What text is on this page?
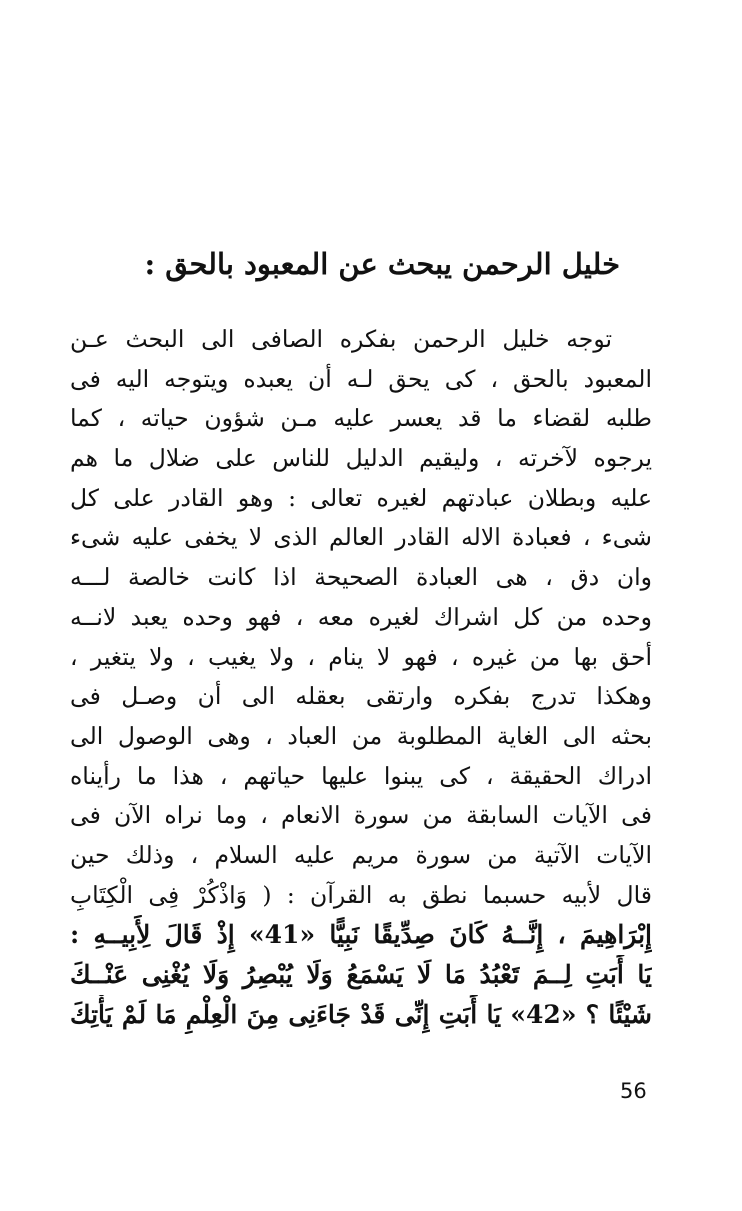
خليل الرحمن يبحث عن المعبود بالحق :
توجه خليل الرحمن بفكره الصافى الى البحث عـن
المعبود بالحق ، كى يحق لـه أن يعبده ويتوجه اليه فى
طلبه لقضاء ما قد يعسر عليه مـن شؤون حياته ، كما
يرجوه لآخرته ، وليقيم الدليل للناس على ضلال ما هم
عليه وبطلان عبادتهم لغيره تعالى : وهو القادر على كل
شىء ، فعبادة الاله القادر العالم الذى لا يخفى عليه شىء
وان دق ، هى العبادة الصحيحة اذا كانت خالصة لـــه
وحده من كل اشراك لغيره معه ، فهو وحده يعبد لانــه
أحق بها من غيره ، فهو لا ينام ، ولا يغيب ، ولا يتغير ،
وهكذا تدرج بفكره وارتقى بعقله الى أن وصـل فى
بحثه الى الغاية المطلوبة من العباد ، وهى الوصول الى
ادراك الحقيقة ، كى يبنوا عليها حياتهم ، هذا ما رأيناه
فى الآيات السابقة من سورة الانعام ، وما نراه الآن فى
الآيات الآتية من سورة مريم عليه السلام ، وذلك حين
قال لأبيه حسبما نطق به القرآن : ( وَاذْكُرْ فِى الْكِتَابِ
إِبْرَاهِيمَ ، إِنَّــهُ كَانَ صِدِّيقًا نَبِيًّا «41» إِذْ قَالَ لِأَبِيــهِ :
يَا أَبَتِ لِــمَ تَعْبُدُ مَا لَا يَسْمَعُ وَلَا يُبْصِرُ وَلَا يُغْنِى عَنْــكَ
شَيْئًا ؟ «42» يَا أَبَتِ إِنِّى قَدْ جَاءَنِى مِنَ الْعِلْمِ مَا لَمْ يَأْتِكَ
56
